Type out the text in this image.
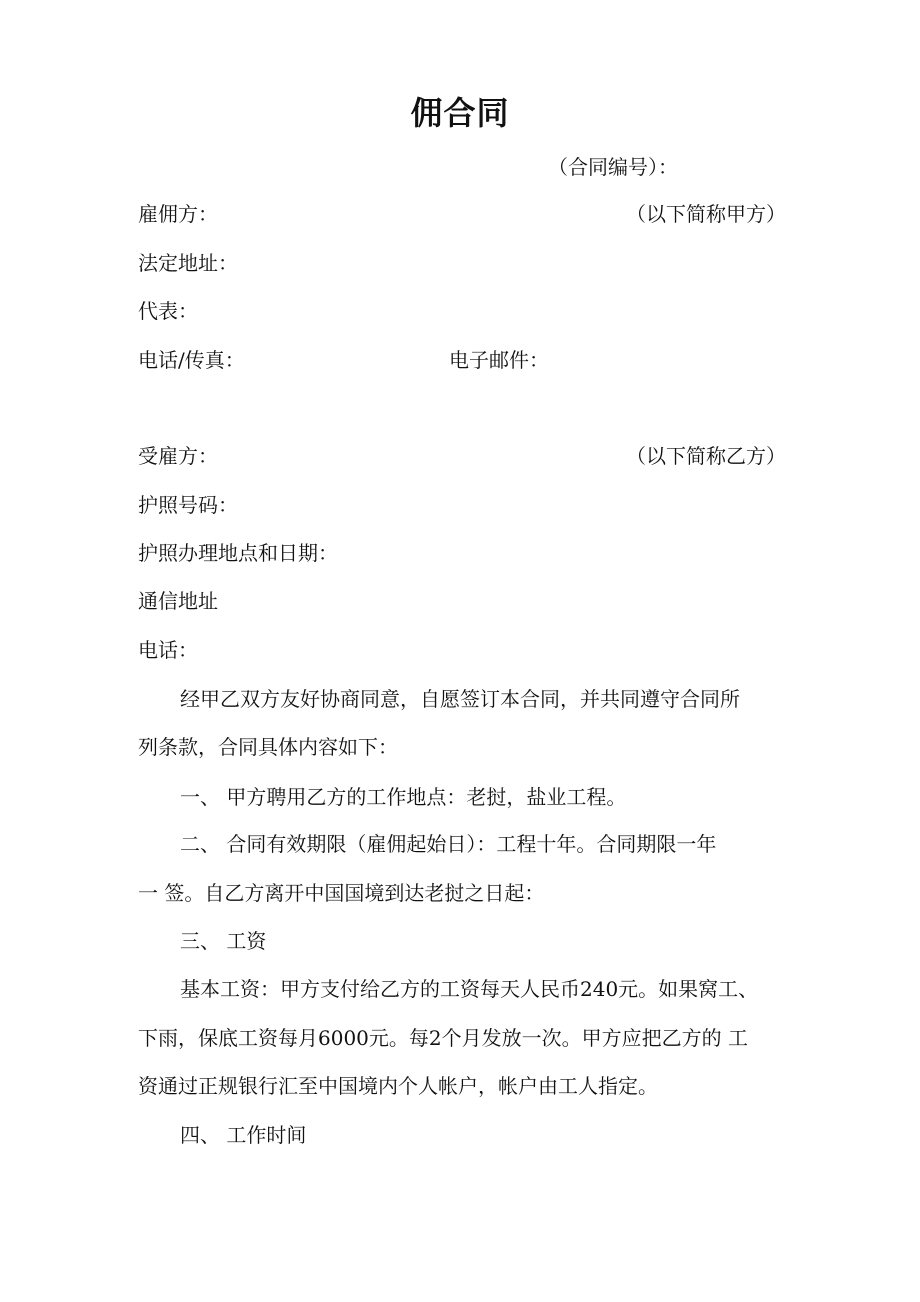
佣合同
（合同编号）：
雇佣方：	（以下简称甲方）
法定地址：
代表：
电话/传真：	电子邮件：
受雇方：	（以下简称乙方）
护照号码：
护照办理地点和日期：
通信地址
电话：
经甲乙双方友好协商同意，自愿签订本合同，并共同遵守合同所
列条款，合同具体内容如下：
一、 甲方聘用乙方的工作地点：老挝，盐业工程。
二、 合同有效期限（雇佣起始日）：工程十年。合同期限一年
一 签。自乙方离开中国国境到达老挝之日起：
三、 工资
基本工资：甲方支付给乙方的工资每天人民币240元。如果窝工、
下雨，保底工资每月6000元。每2个月发放一次。甲方应把乙方的 工
资通过正规银行汇至中国境内个人帐户，帐户由工人指定。
四、 工作时间
